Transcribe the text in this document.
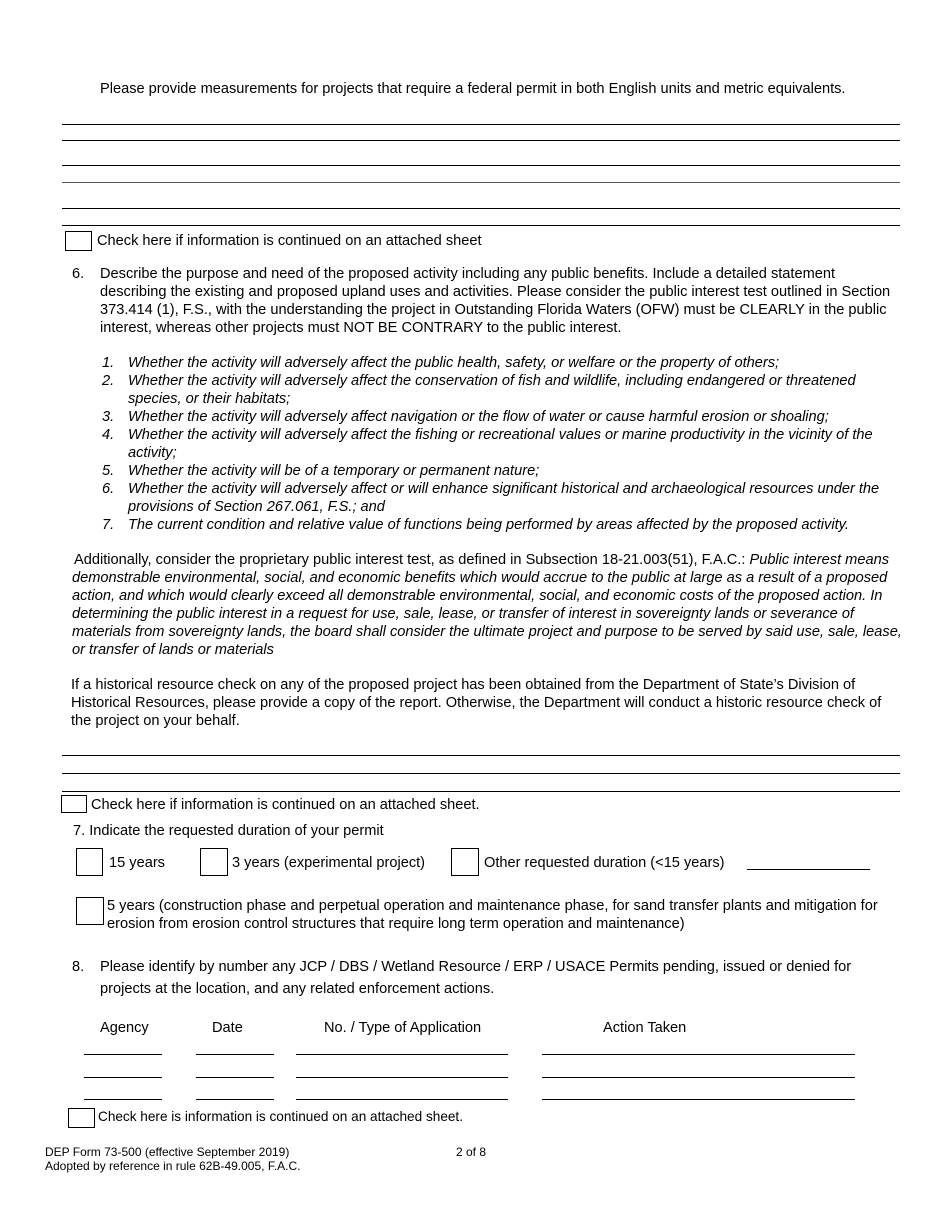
Please provide measurements for projects that require a federal permit in both English units and metric equivalents.
Check here if information is continued on an attached sheet
6. Describe the purpose and need of the proposed activity including any public benefits. Include a detailed statement describing the existing and proposed upland uses and activities. Please consider the public interest test outlined in Section 373.414 (1), F.S., with the understanding the project in Outstanding Florida Waters (OFW) must be CLEARLY in the public interest, whereas other projects must NOT BE CONTRARY to the public interest.
1. Whether the activity will adversely affect the public health, safety, or welfare or the property of others;
2. Whether the activity will adversely affect the conservation of fish and wildlife, including endangered or threatened species, or their habitats;
3. Whether the activity will adversely affect navigation or the flow of water or cause harmful erosion or shoaling;
4. Whether the activity will adversely affect the fishing or recreational values or marine productivity in the vicinity of the activity;
5. Whether the activity will be of a temporary or permanent nature;
6. Whether the activity will adversely affect or will enhance significant historical and archaeological resources under the provisions of Section 267.061, F.S.; and
7. The current condition and relative value of functions being performed by areas affected by the proposed activity.
Additionally, consider the proprietary public interest test, as defined in Subsection 18-21.003(51), F.A.C.: Public interest means demonstrable environmental, social, and economic benefits which would accrue to the public at large as a result of a proposed action, and which would clearly exceed all demonstrable environmental, social, and economic costs of the proposed action. In determining the public interest in a request for use, sale, lease, or transfer of interest in sovereignty lands or severance of materials from sovereignty lands, the board shall consider the ultimate project and purpose to be served by said use, sale, lease, or transfer of lands or materials
If a historical resource check on any of the proposed project has been obtained from the Department of State’s Division of Historical Resources, please provide a copy of the report. Otherwise, the Department will conduct a historic resource check of the project on your behalf.
Check here if information is continued on an attached sheet.
7. Indicate the requested duration of your permit
15 years	3 years (experimental project)	Other requested duration (<15 years)
5 years (construction phase and perpetual operation and maintenance phase, for sand transfer plants and mitigation for erosion from erosion control structures that require long term operation and maintenance)
8. Please identify by number any JCP / DBS / Wetland Resource / ERP / USACE Permits pending, issued or denied for projects at the location, and any related enforcement actions.
Agency	Date	No. / Type of Application	Action Taken
Check here is information is continued on an attached sheet.
DEP Form 73-500 (effective September 2019)
Adopted by reference in rule 62B-49.005, F.A.C.
2 of 8
